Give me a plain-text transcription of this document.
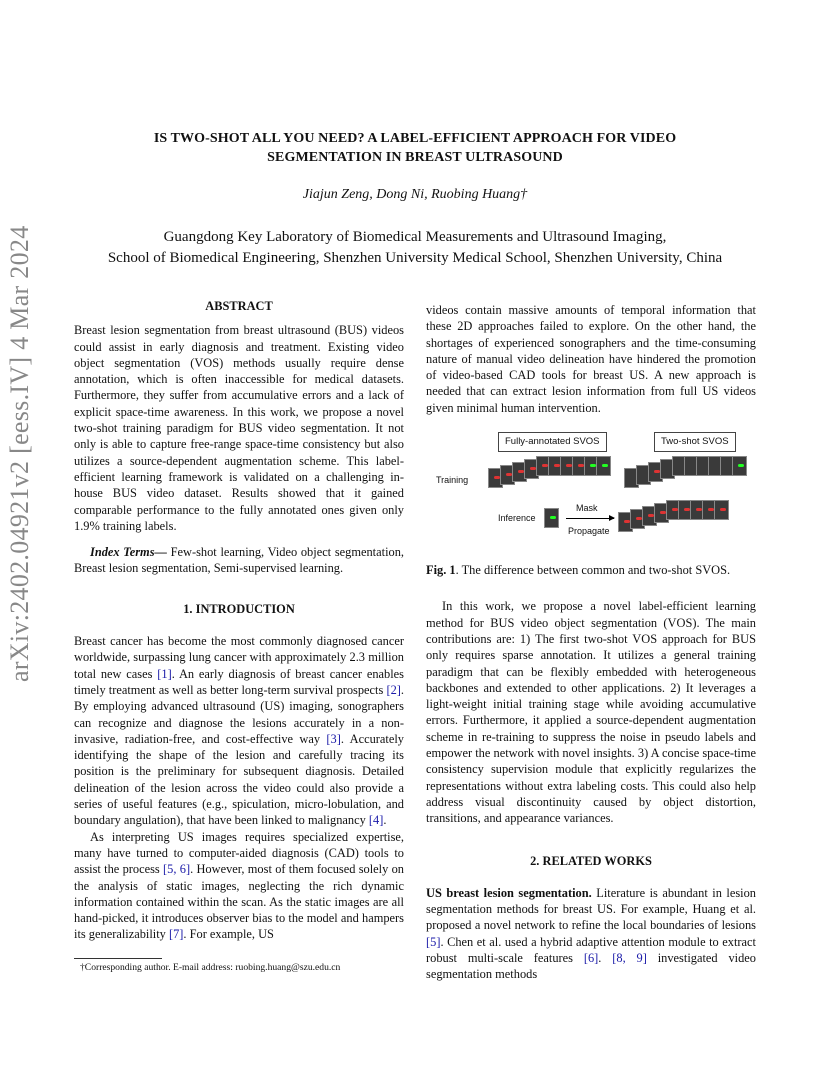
arXiv:2402.04921v2 [eess.IV] 4 Mar 2024
IS TWO-SHOT ALL YOU NEED? A LABEL-EFFICIENT APPROACH FOR VIDEO
SEGMENTATION IN BREAST ULTRASOUND
Jiajun Zeng, Dong Ni, Ruobing Huang†
Guangdong Key Laboratory of Biomedical Measurements and Ultrasound Imaging,
School of Biomedical Engineering, Shenzhen University Medical School, Shenzhen University, China
ABSTRACT

Breast lesion segmentation from breast ultrasound (BUS) videos could assist in early diagnosis and treatment. Existing video object segmentation (VOS) methods usually require dense annotation, which is often inaccessible for medical datasets. Furthermore, they suffer from accumulative errors and a lack of explicit space-time awareness. In this work, we propose a novel two-shot training paradigm for BUS video segmentation. It not only is able to capture free-range space-time consistency but also utilizes a source-dependent augmentation scheme. This label-efficient learning framework is validated on a challenging in-house BUS video dataset. Results showed that it gained comparable performance to the fully annotated ones given only 1.9% training labels.

Index Terms— Few-shot learning, Video object segmentation, Breast lesion segmentation, Semi-supervised learning.

1. INTRODUCTION

Breast cancer has become the most commonly diagnosed cancer worldwide, surpassing lung cancer with approximately 2.3 million total new cases [1]. An early diagnosis of breast cancer enables timely treatment as well as better long-term survival prospects [2]. By employing advanced ultrasound (US) imaging, sonographers can recognize and diagnose the lesions accurately in a non-invasive, radiation-free, and cost-effective way [3]. Accurately identifying the shape of the lesion and carefully tracing its position is the preliminary for subsequent diagnosis. Detailed delineation of the lesion across the video could also provide a series of useful features (e.g., spiculation, micro-lobulation, and boundary angulation), that have been linked to malignancy [4].

As interpreting US images requires specialized expertise, many have turned to computer-aided diagnosis (CAD) tools to assist the process [5, 6]. However, most of them focused solely on the analysis of static images, neglecting the rich dynamic information contained within the scan. As the static images are all hand-picked, it introduces observer bias to the model and hampers its generalizability [7]. For example, US

videos contain massive amounts of temporal information that these 2D approaches failed to explore. On the other hand, the shortages of experienced sonographers and the time-consuming nature of manual video delineation have hindered the promotion of video-based CAD tools for breast US. A new approach is needed that can extract lesion information from full US videos given minimal human intervention.

Fully-annotated SVOS	Two-shot SVOS
Training
Inference
Mask
Propagate

Fig. 1. The difference between common and two-shot SVOS.

In this work, we propose a novel label-efficient learning method for BUS video object segmentation (VOS). The main contributions are: 1) The first two-shot VOS approach for BUS only requires sparse annotation. It utilizes a general training paradigm that can be flexibly embedded with heterogeneous backbones and extended to other applications. 2) It leverages a light-weight initial training stage while avoiding accumulative errors. Furthermore, it applied a source-dependent augmentation scheme in re-training to suppress the noise in pseudo labels and empower the network with novel insights. 3) A concise space-time consistency supervision module that explicitly regularizes the representations without extra labeling costs. This could also help address visual discontinuity caused by object distortion, transitions, and appearance variances.

2. RELATED WORKS

US breast lesion segmentation. Literature is abundant in lesion segmentation methods for breast US. For example, Huang et al. proposed a novel network to refine the local boundaries of lesions [5]. Chen et al. used a hybrid adaptive attention module to extract robust multi-scale features [6]. [8, 9] investigated video segmentation methods

†Corresponding author. E-mail address: ruobing.huang@szu.edu.cn
